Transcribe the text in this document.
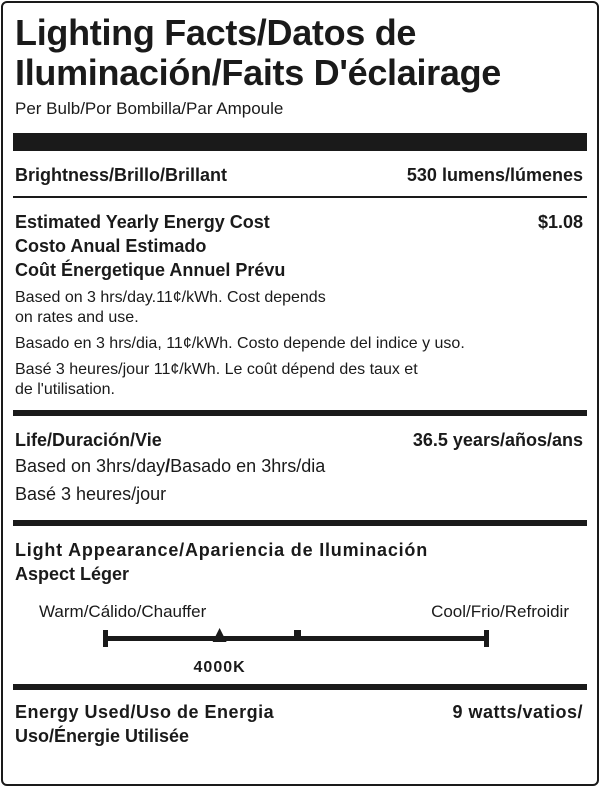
Lighting Facts/Datos de
Iluminación/Faits D'éclairage
Per Bulb/Por Bombilla/Par Ampoule
Brightness/Brillo/Brillant	530 lumens/lúmenes
Estimated Yearly Energy Cost	$1.08

Costo Anual Estimado

Coût Énergetique Annuel Prévu

Based on 3 hrs/day.11¢/kWh. Cost depends
on rates and use.

Basado en 3 hrs/dia, 11¢/kWh. Costo depende del indice y uso.

Basé 3 heures/jour 11¢/kWh. Le coût dépend des taux et
de l'utilisation.
Life/Duración/Vie	36.5 years/años/ans

Based on 3hrs/day/Basado en 3hrs/dia

Basé 3 heures/jour

Light Appearance/Apariencia de Iluminación

Aspect Léger

Warm/Cálido/Chauffer	Cool/Frio/Refroidir
4000K
Energy Used/Uso de Energia	9 watts/vatios/

Uso/Énergie Utilisée
